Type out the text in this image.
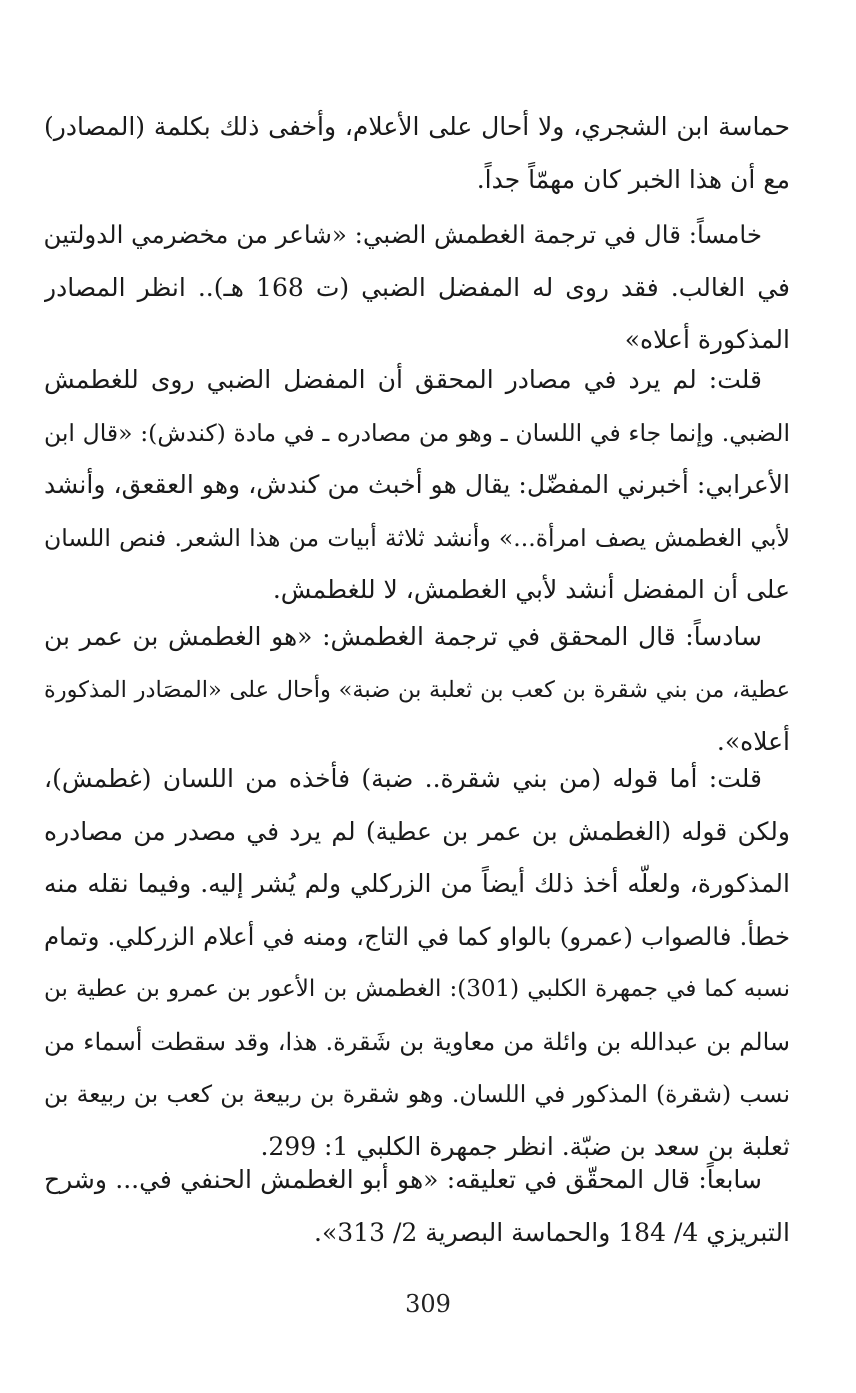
حماسة ابن الشجري، ولا أحال على الأعلام، وأخفى ذلك بكلمة (المصادر)
مع أن هذا الخبر كان مهمّاً جداً.
خامساً: قال في ترجمة الغطمش الضبي: «شاعر من مخضرمي الدولتين
في الغالب. فقد روى له المفضل الضبي (ت 168 هـ).. انظر المصادر
المذكورة أعلاه»
قلت: لم يرد في مصادر المحقق أن المفضل الضبي روى للغطمش
الضبي. وإنما جاء في اللسان ـ وهو من مصادره ـ في مادة (كندش): «قال ابن
الأعرابي: أخبرني المفضّل: يقال هو أخبث من كندش، وهو العقعق، وأنشد
لأبي الغطمش يصف امرأة...» وأنشد ثلاثة أبيات من هذا الشعر. فنص اللسان
على أن المفضل أنشد لأبي الغطمش، لا للغطمش.
سادساً: قال المحقق في ترجمة الغطمش: «هو الغطمش بن عمر بن
عطية، من بني شقرة بن كعب بن ثعلبة بن ضبة» وأحال على «المصَادر المذكورة
أعلاه».
قلت: أما قوله (من بني شقرة.. ضبة) فأخذه من اللسان (غطمش)،
ولكن قوله (الغطمش بن عمر بن عطية) لم يرد في مصدر من مصادره
المذكورة، ولعلّه أخذ ذلك أيضاً من الزركلي ولم يُشر إليه. وفيما نقله منه
خطأ. فالصواب (عمرو) بالواو كما في التاج، ومنه في أعلام الزركلي. وتمام
نسبه كما في جمهرة الكلبي (301): الغطمش بن الأعور بن عمرو بن عطية بن
سالم بن عبدالله بن وائلة من معاوية بن شَقرة. هذا، وقد سقطت أسماء من
نسب (شقرة) المذكور في اللسان. وهو شقرة بن ربيعة بن كعب بن ربيعة بن
ثعلبة بن سعد بن ضبّة. انظر جمهرة الكلبي 1: 299.
سابعاً: قال المحقّق في تعليقه: «هو أبو الغطمش الحنفي في... وشرح
التبريزي 4/ 184 والحماسة البصرية 2/ 313».
309
